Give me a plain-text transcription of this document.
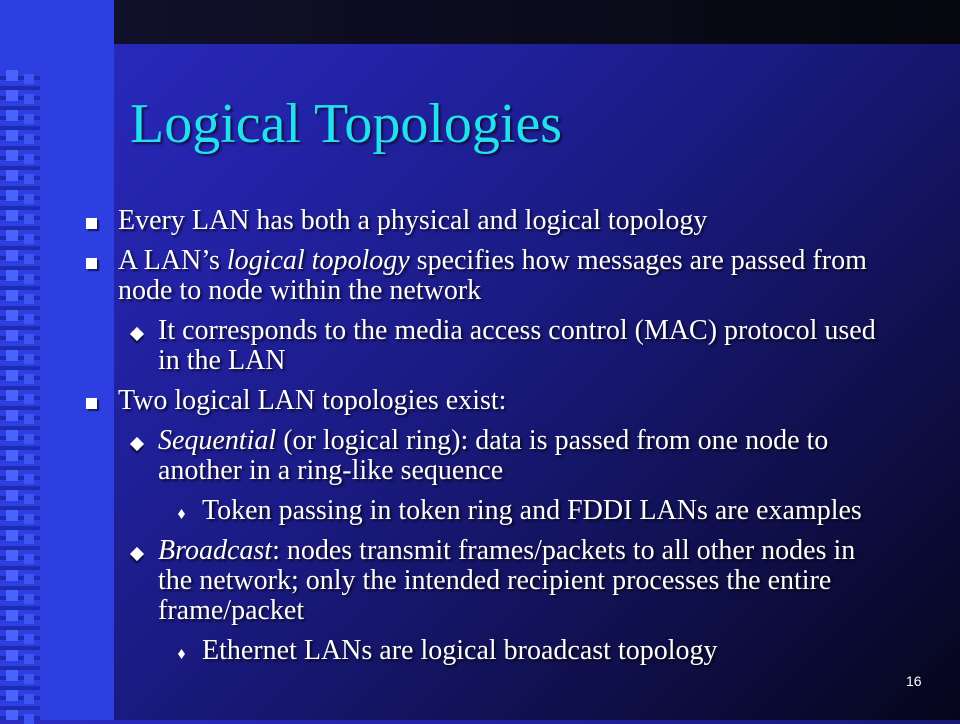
Logical Topologies
Every LAN has both a physical and logical topology
A LAN’s logical topology specifies how messages are passed from node to node within the network
It corresponds to the media access control (MAC) protocol used in the LAN
Two logical LAN topologies exist:
Sequential (or logical ring): data is passed from one node to another in a ring-like sequence
Token passing in token ring and FDDI LANs are examples
Broadcast: nodes transmit frames/packets to all other nodes in the network; only the intended recipient processes the entire frame/packet
Ethernet LANs are logical broadcast topology
16
